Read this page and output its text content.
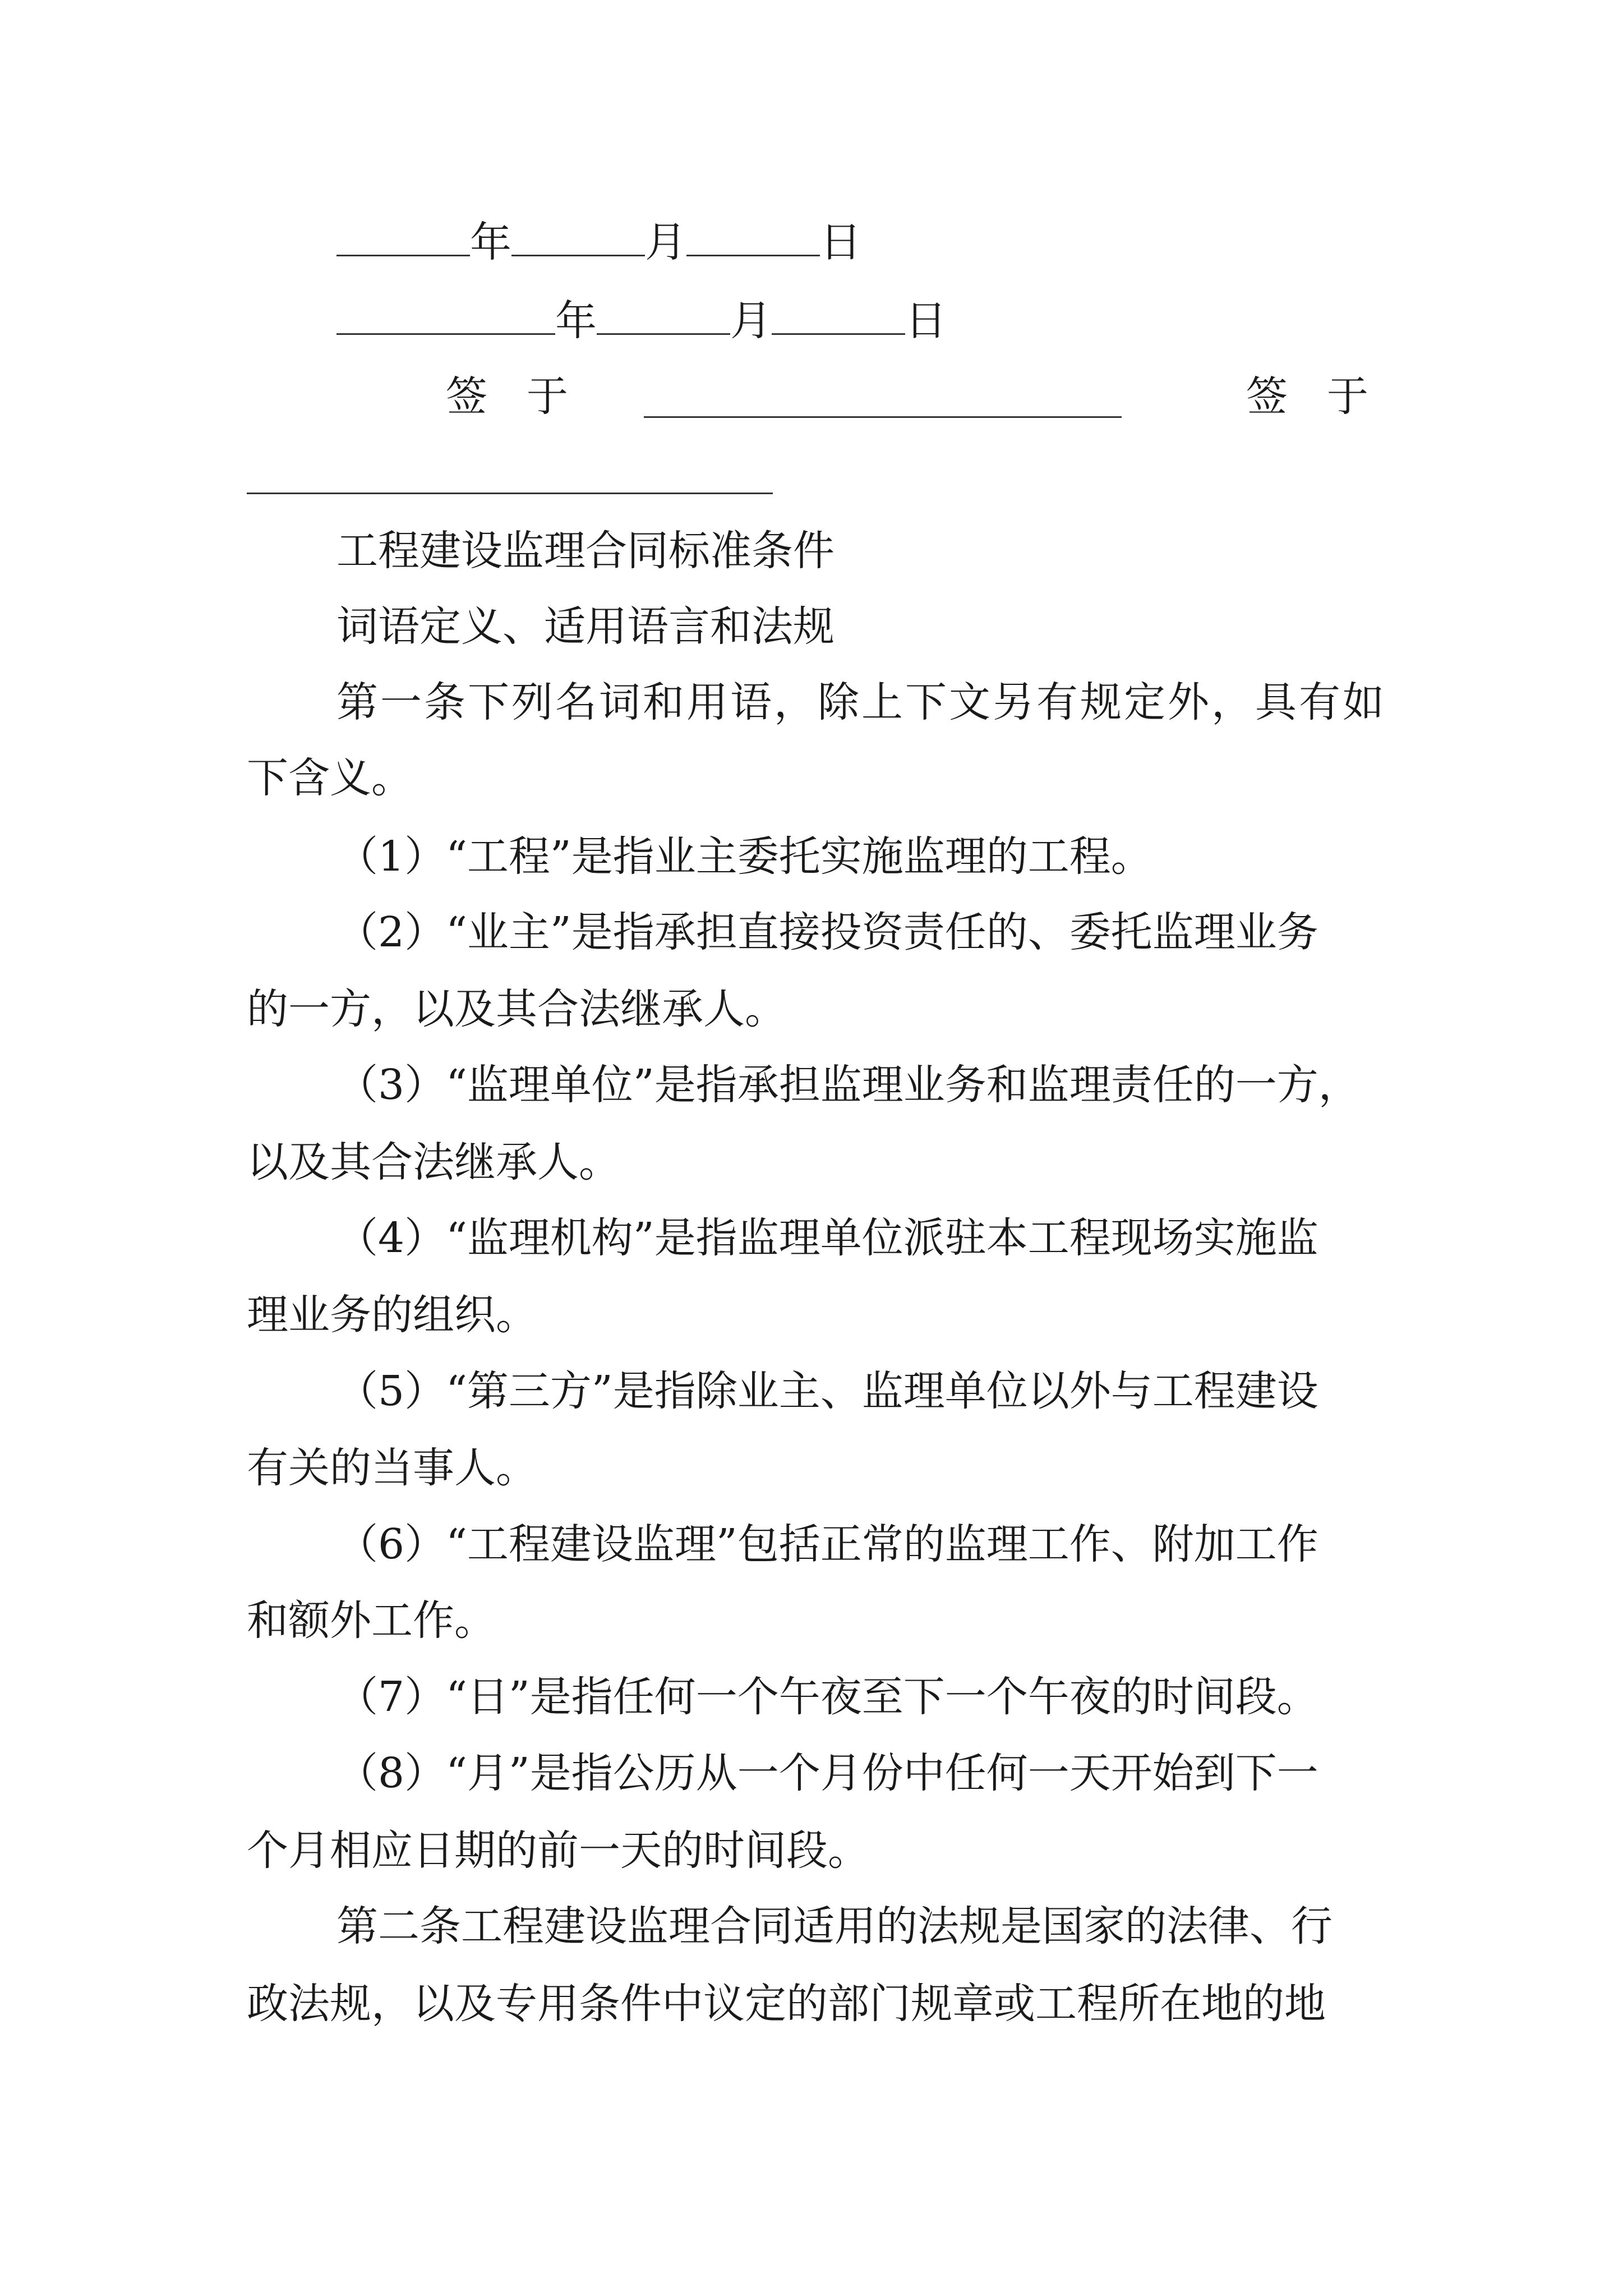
年	月	日
年	月	日
签于	签于
工程建设监理合同标准条件
词语定义、适用语言和法规
第一条下列名词和用语，除上下文另有规定外，具有如
下含义。
（1）“工程”是指业主委托实施监理的工程。
（2）“业主”是指承担直接投资责任的、委托监理业务
的一方，以及其合法继承人。
（3）“监理单位”是指承担监理业务和监理责任的一方，
以及其合法继承人。
（4）“监理机构”是指监理单位派驻本工程现场实施监
理业务的组织。
（5）“第三方”是指除业主、监理单位以外与工程建设
有关的当事人。
（6）“工程建设监理”包括正常的监理工作、附加工作
和额外工作。
（7）“日”是指任何一个午夜至下一个午夜的时间段。
（8）“月”是指公历从一个月份中任何一天开始到下一
个月相应日期的前一天的时间段。
第二条工程建设监理合同适用的法规是国家的法律、行
政法规，以及专用条件中议定的部门规章或工程所在地的地
